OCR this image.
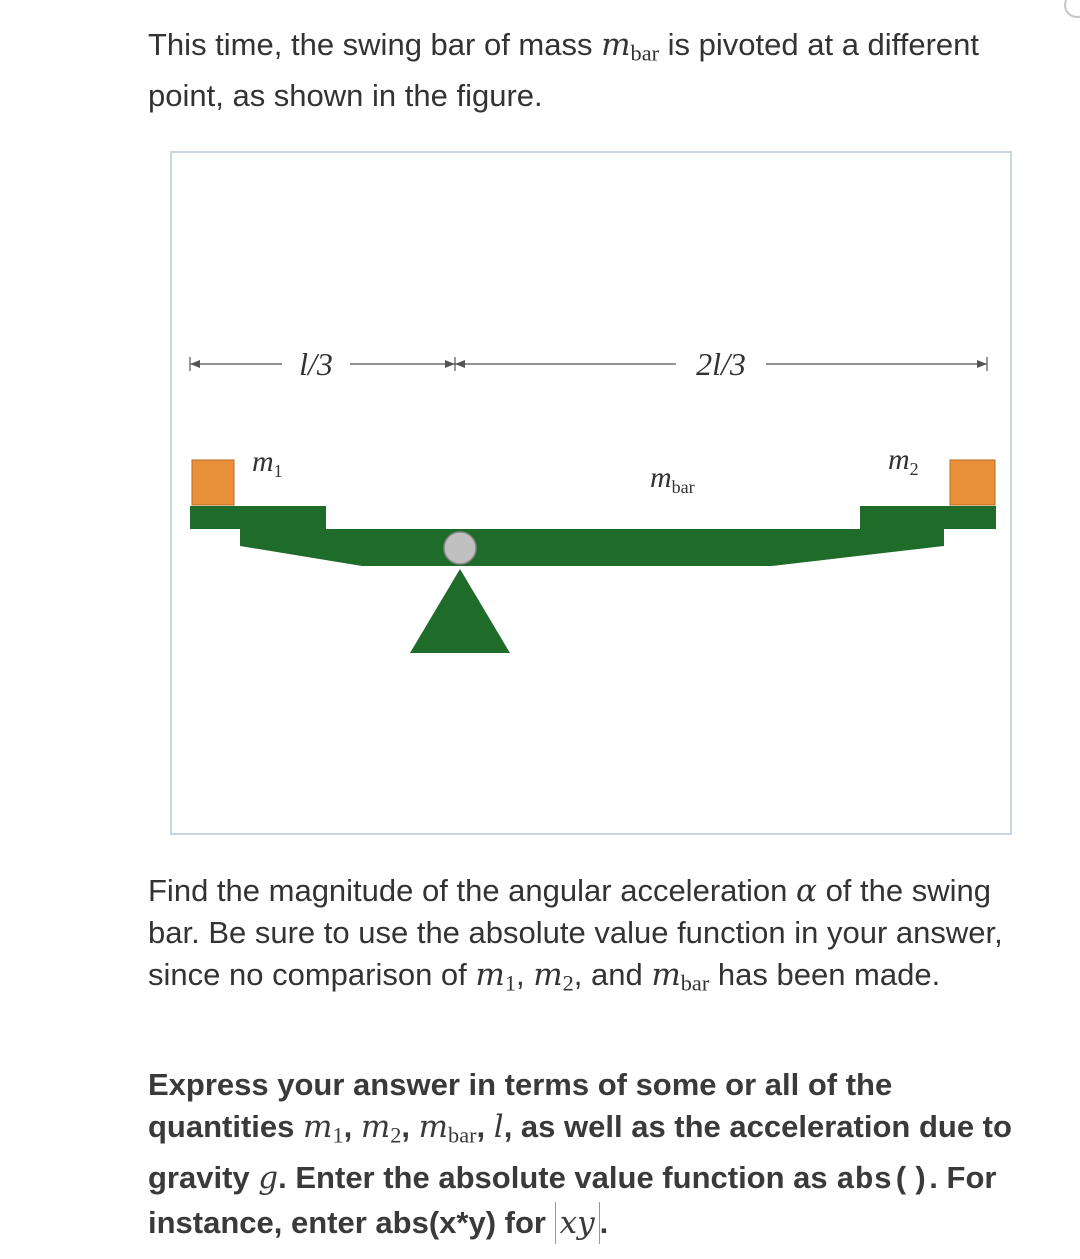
This time, the swing bar of mass $m_{bar}$ is pivoted at a different point, as shown in the figure.

l/3	2l/3
$m_1$	$m_{bar}$
$m_2$

Find the magnitude of the angular acceleration α of the swing bar. Be sure to use the absolute value function in your answer, since no comparison of $m_1$, $m_2$, and $m_{bar}$ has been made.

Express your answer in terms of some or all of the quantities $m_1$, $m_2$, $m_{bar}$, l, as well as the acceleration due to gravity g. Enter the absolute value function as abs(). For instance, enter abs(x*y) for xy .
